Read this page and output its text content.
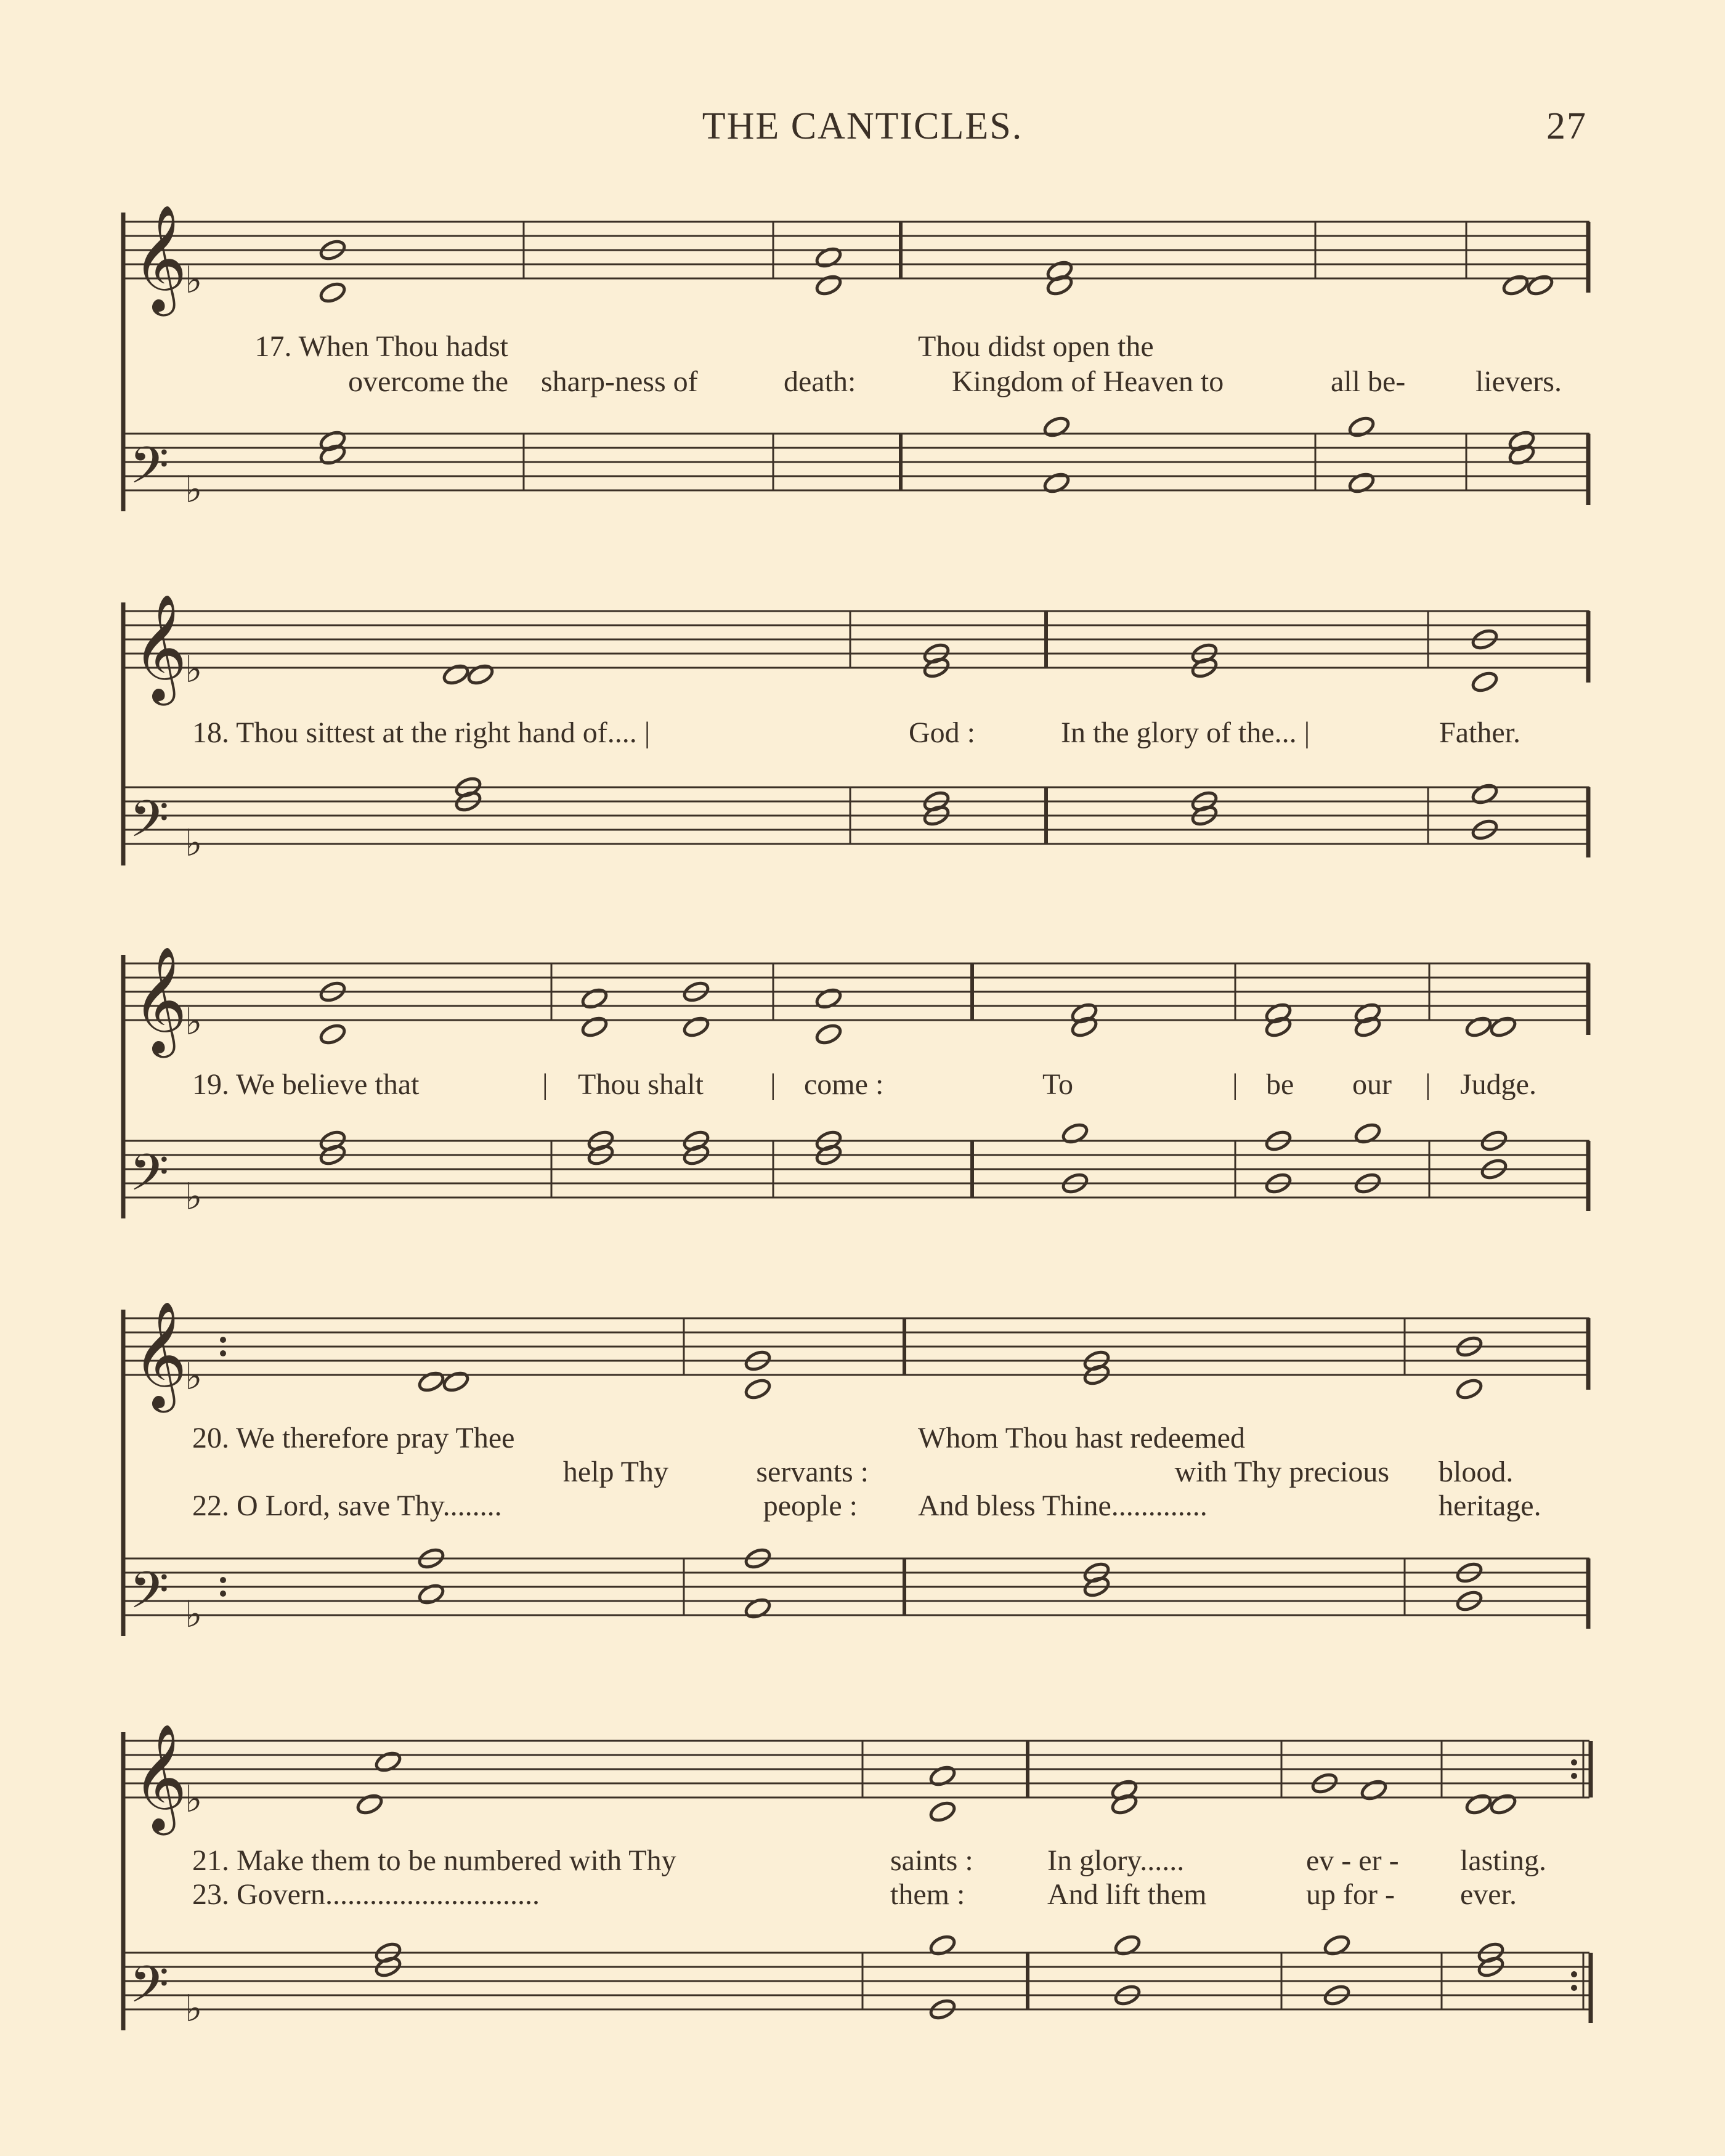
THE CANTICLES.	27
𝄞
♭
𝄢 ♭
17. When Thou hadst
overcome the sharp-ness of	death:
Thou didst open the
Kingdom of Heaven to	all be- lievers.
𝄞
♭
𝄢 ♭
18. Thou sittest at the right hand of.... |	God :	In the glory of the... |	Father.
𝄞
♭
𝄢 ♭
19. We believe that	| Thou shalt | come :	To	| be our | Judge.
𝄞
♭
𝄢 ♭
20. We therefore pray Thee
help Thy
22. O Lord, save Thy........
servants :
people :
Whom Thou hast redeemed
with Thy precious
And bless Thine.............
blood.
heritage.
𝄞
♭
𝄢 ♭
21. Make them to be numbered with Thy
23. Govern.............................
saints :
them :
In glory......
And lift them
ev - er -
up for -
lasting.
ever.
